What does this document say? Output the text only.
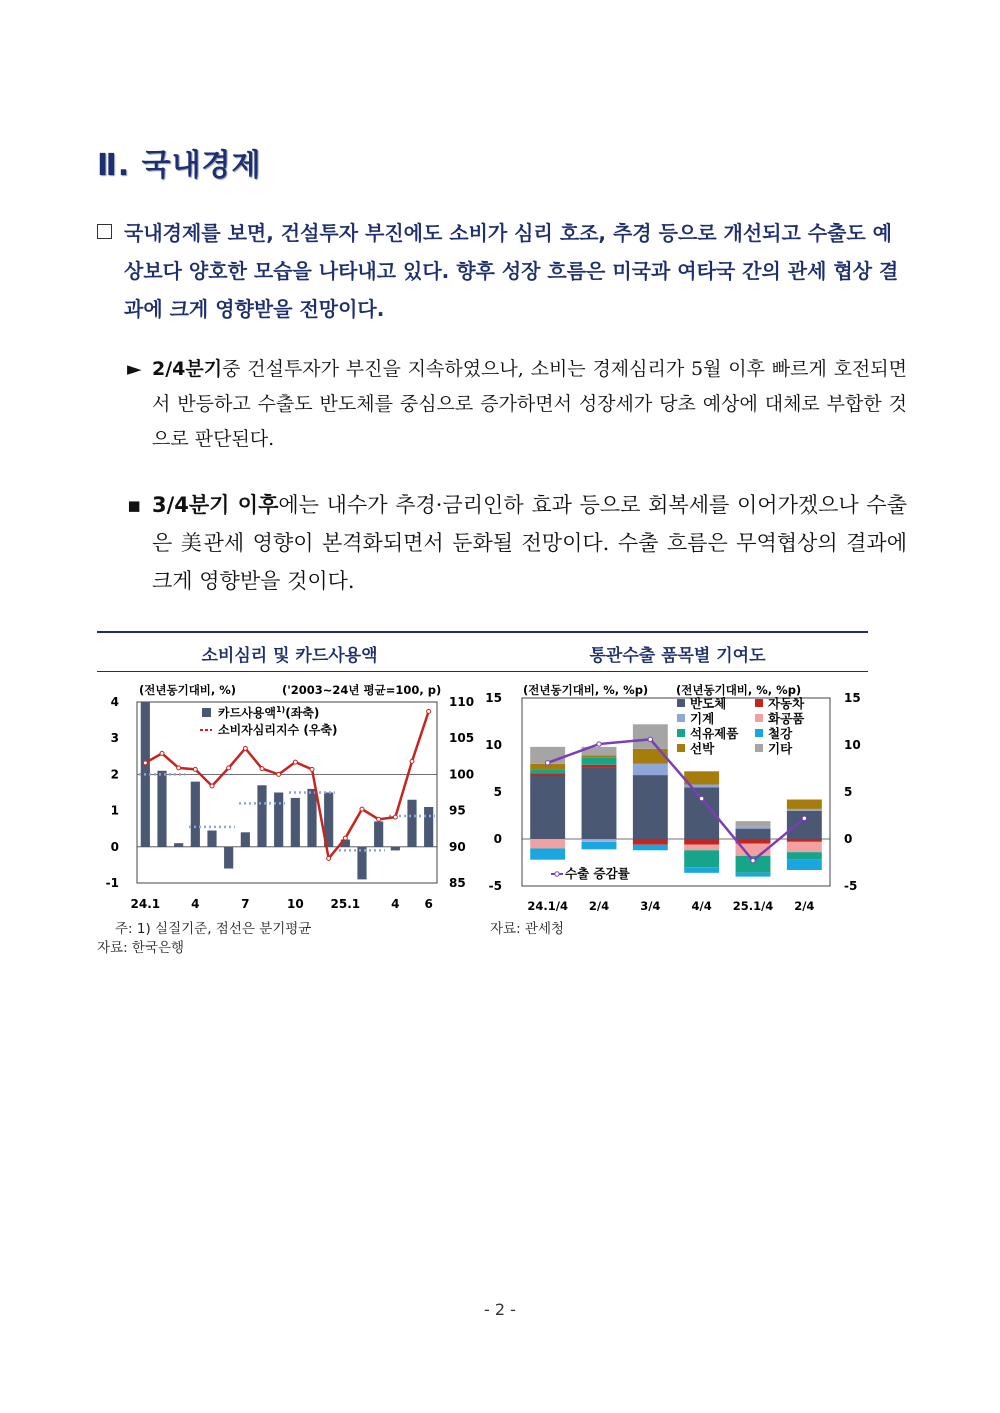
Ⅱ. 국내경제
국내경제를 보면, 건설투자 부진에도 소비가 심리 호조, 추경 등으로 개선되고 수출도 예상보다 양호한 모습을 나타내고 있다. 향후 성장 흐름은 미국과 여타국 간의 관세 협상 결과에 크게 영향받을 전망이다.
► 2/4분기중 건설투자가 부진을 지속하였으나, 소비는 경제심리가 5월 이후 빠르게 호전되면서 반등하고 수출도 반도체를 중심으로 증가하면서 성장세가 당초 예상에 대체로 부합한 것으로 판단된다.
▪ 3/4분기 이후에는 내수가 추경·금리인하 효과 등으로 회복세를 이어가겠으나 수출은 美관세 영향이 본격화되면서 둔화될 전망이다. 수출 흐름은 무역협상의 결과에 크게 영향받을 것이다.
소비심리 및 카드사용액	통관수출 품목별 기여도
(전년동기대비, %)	('2003~24년 평균=100, p)
카드사용액$^{1)}$(좌축)
소비자심리지수 (우축)
-1
0
1
2
3
4
85
90
95
100
105
110
24.1	4	7	10 25.1	4 6
(전년동기대비, %, %p) (전년동기대비, %, %p)
-5	-5
0	0
5	5
10	10
15	15
24.1/4 2/4	3/4	4/4 25.1/4 2/4
반도체	자동차
기계	화공품
석유제품 철강
선박	기타
수출 증감률
주: 1) 실질기준, 점선은 분기평균
자료: 한국은행
자료: 관세청
- 2 -
